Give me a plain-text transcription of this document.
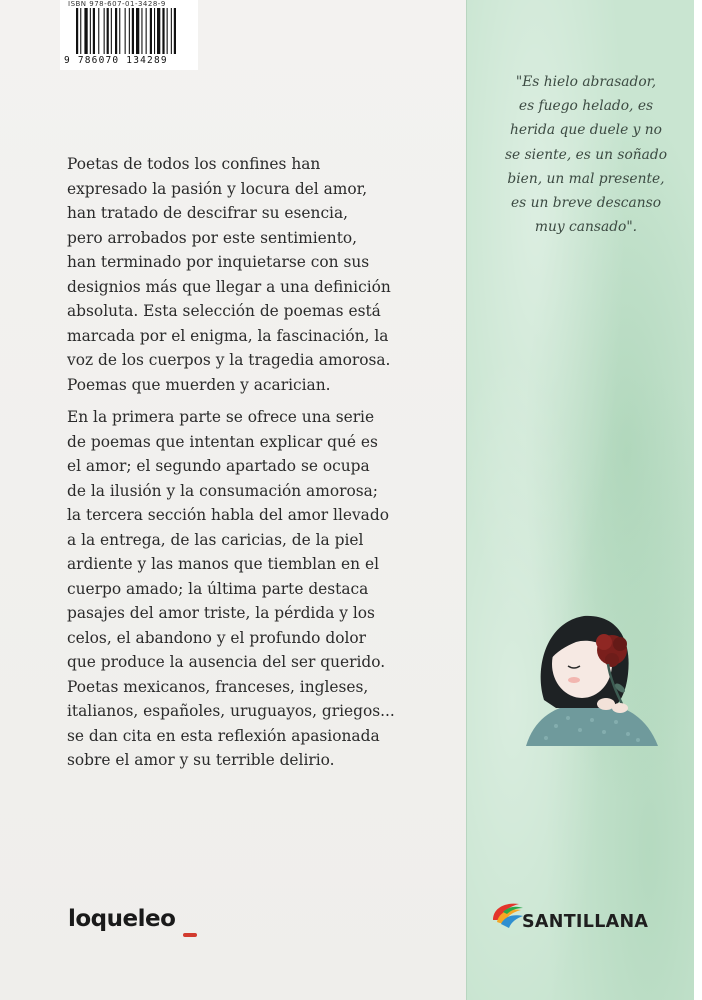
ISBN 978-607-01-3428-9
9 786070 134289
Poetas de todos los confines han
expresado la pasión y locura del amor,
han tratado de descifrar su esencia,
pero arrobados por este sentimiento,
han terminado por inquietarse con sus
designios más que llegar a una definición
absoluta. Esta selección de poemas está
marcada por el enigma, la fascinación, la
voz de los cuerpos y la tragedia amorosa.
Poemas que muerden y acarician.
En la primera parte se ofrece una serie
de poemas que intentan explicar qué es
el amor; el segundo apartado se ocupa
de la ilusión y la consumación amorosa;
la tercera sección habla del amor llevado
a la entrega, de las caricias, de la piel
ardiente y las manos que tiemblan en el
cuerpo amado; la última parte destaca
pasajes del amor triste, la pérdida y los
celos, el abandono y el profundo dolor
que produce la ausencia del ser querido.
Poetas mexicanos, franceses, ingleses,
italianos, españoles, uruguayos, griegos...
se dan cita en esta reflexión apasionada
sobre el amor y su terrible delirio.
"Es hielo abrasador,
es fuego helado, es
herida que duele y no
se siente, es un soñado
bien, un mal presente,
es un breve descanso
muy cansado".
loqueleo	SANTILLANA
